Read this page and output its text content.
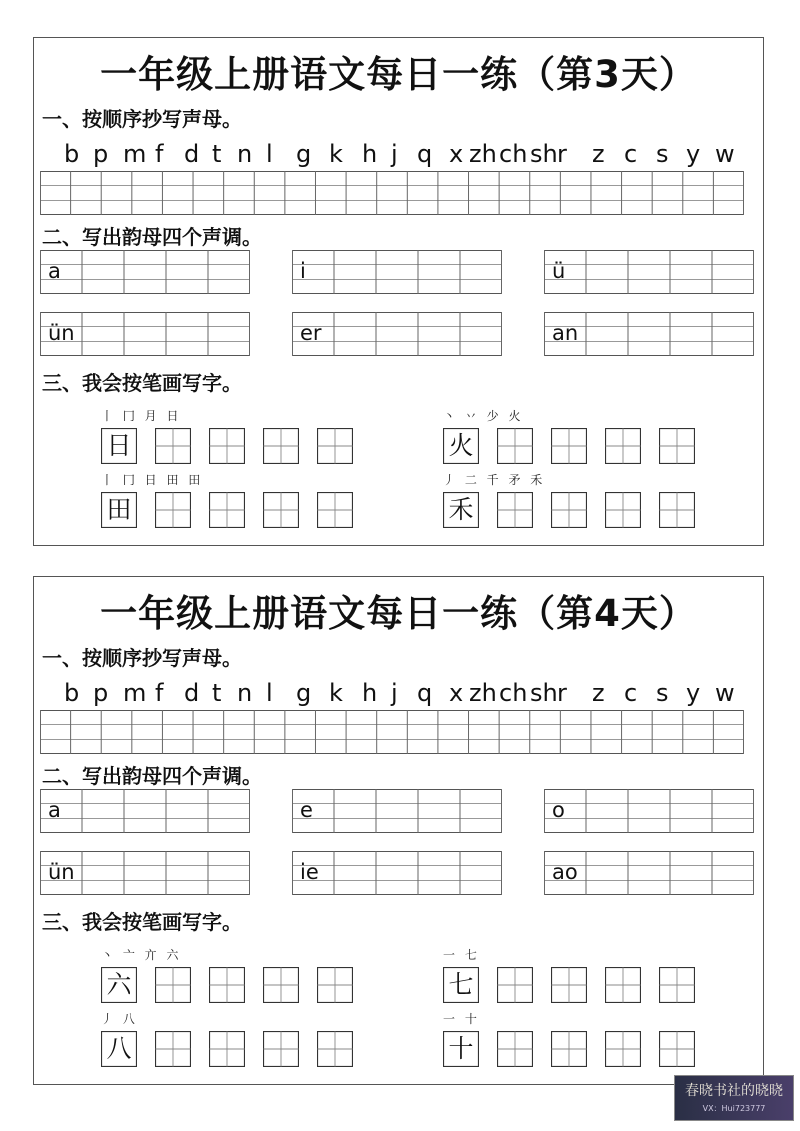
一年级上册语文每日一练（第3天）
一、按顺序抄写声母。
b p m f d t n l g k h j q x zh ch sh r z c s y w
二、写出韵母四个声调。
a	i	ü
ün	er	an
三、我会按笔画写字。
丨 冂 月 日
日
丶 丷 少 火
火
丨 冂 日 田 田
田
丿 二 千 矛 禾
禾
一年级上册语文每日一练（第4天）
一、按顺序抄写声母。
b p m f d t n l g k h j q x zh ch sh r z c s y w
二、写出韵母四个声调。
a	e	o
ün	ie	ao
三、我会按笔画写字。
丶 亠 亣 六
六
一 七
七
丿 八
八
一 十
十
春晓书社的晓晓
VX：Hui723777
